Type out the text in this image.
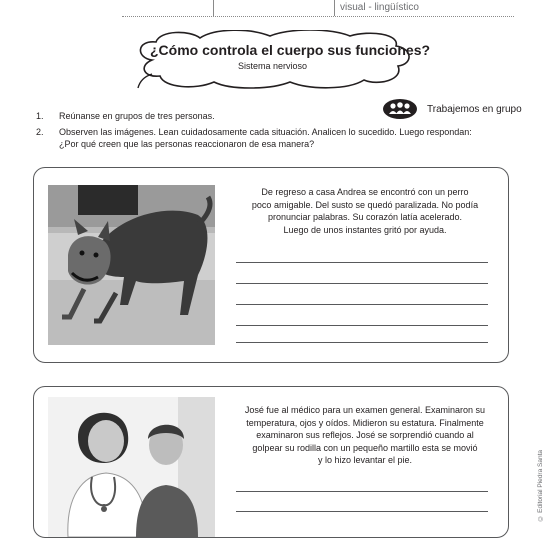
visual - lingüístico
¿Cómo controla el cuerpo sus funciones?
Sistema nervioso
Trabajemos en grupo
1.	Reúnanse en grupos de tres personas.
2.	Observen las imágenes. Lean cuidadosamente cada situación. Analicen lo sucedido. Luego respondan:
¿Por qué creen que las personas reaccionaron de esa manera?
De regreso a casa Andrea se encontró con un perro
poco amigable. Del susto se quedó paralizada. No podía
pronunciar palabras. Su corazón latía acelerado.
Luego de unos instantes gritó por ayuda.
José fue al médico para un examen general. Examinaron su
temperatura, ojos y oídos. Midieron su estatura. Finalmente
examinaron sus reflejos. José se sorprendió cuando al
golpear su rodilla con un pequeño martillo esta se movió
y lo hizo levantar el pie.	© Editorial Piedra Santa
